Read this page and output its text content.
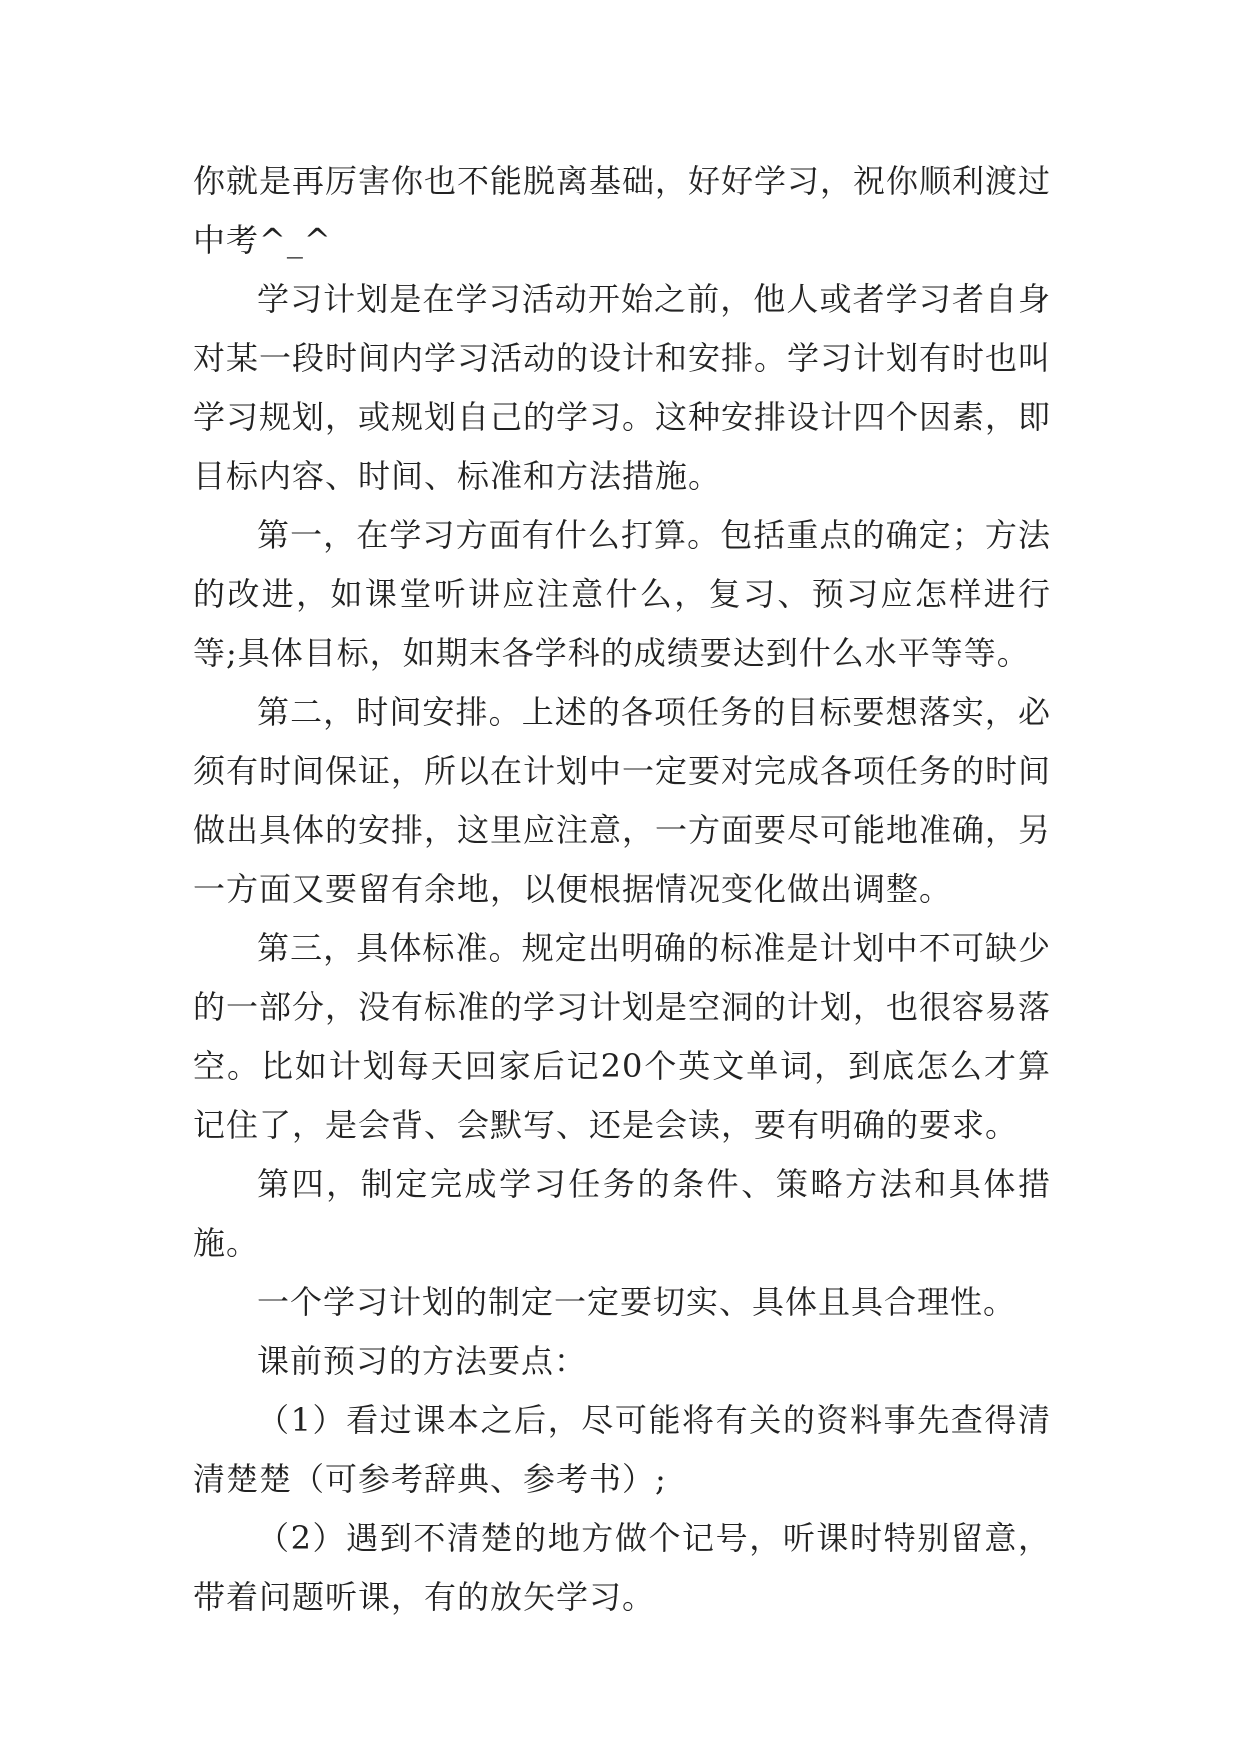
你就是再厉害你也不能脱离基础，好好学习，祝你顺利渡过中考^_^

学习计划是在学习活动开始之前，他人或者学习者自身对某一段时间内学习活动的设计和安排。学习计划有时也叫学习规划，或规划自己的学习。这种安排设计四个因素，即目标内容、时间、标准和方法措施。

第一，在学习方面有什么打算。包括重点的确定；方法的改进，如课堂听讲应注意什么，复习、预习应怎样进行等;具体目标，如期末各学科的成绩要达到什么水平等等。

第二，时间安排。上述的各项任务的目标要想落实，必须有时间保证，所以在计划中一定要对完成各项任务的时间做出具体的安排，这里应注意，一方面要尽可能地准确，另一方面又要留有余地，以便根据情况变化做出调整。

第三，具体标准。规定出明确的标准是计划中不可缺少的一部分，没有标准的学习计划是空洞的计划，也很容易落空。比如计划每天回家后记20个英文单词，到底怎么才算记住了，是会背、会默写、还是会读，要有明确的要求。

第四，制定完成学习任务的条件、策略方法和具体措施。

一个学习计划的制定一定要切实、具体且具合理性。

课前预习的方法要点：

（1）看过课本之后，尽可能将有关的资料事先查得清清楚楚（可参考辞典、参考书）;

（2）遇到不清楚的地方做个记号，听课时特别留意，带着问题听课，有的放矢学习。
